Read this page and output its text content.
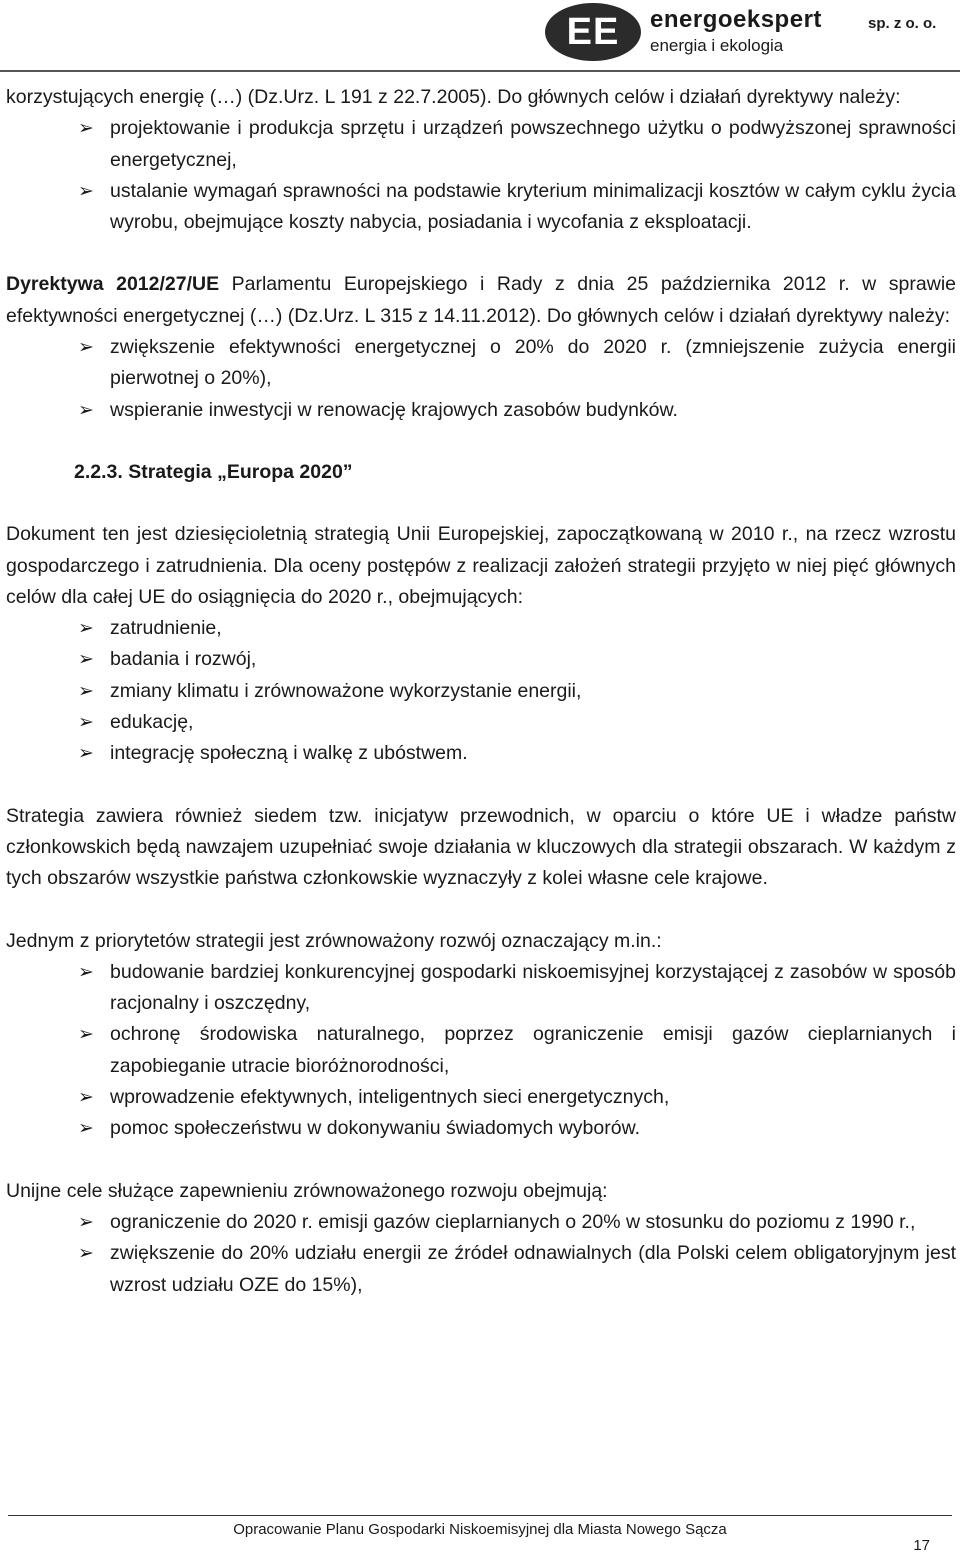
EE	energoekspert
energia i ekologia
sp. z o. o.

korzystujących energię (…) (Dz.Urz. L 191 z 22.7.2005). Do głównych celów i działań dyrektywy należy:

➢ projektowanie i produkcja sprzętu i urządzeń powszechnego użytku o podwyższonej sprawności energetycznej,
➢ ustalanie wymagań sprawności na podstawie kryterium minimalizacji kosztów w całym cyklu życia wyrobu, obejmujące koszty nabycia, posiadania i wycofania z eksploatacji.

Dyrektywa 2012/27/UE Parlamentu Europejskiego i Rady z dnia 25 października 2012 r. w sprawie efektywności energetycznej (…) (Dz.Urz. L 315 z 14.11.2012). Do głównych celów i działań dyrektywy należy:

➢ zwiększenie efektywności energetycznej o 20% do 2020 r. (zmniejszenie zużycia energii pierwotnej o 20%),
➢ wspieranie inwestycji w renowację krajowych zasobów budynków.

2.2.3. Strategia „Europa 2020”

Dokument ten jest dziesięcioletnią strategią Unii Europejskiej, zapoczątkowaną w 2010 r., na rzecz wzrostu gospodarczego i zatrudnienia. Dla oceny postępów z realizacji założeń strategii przyjęto w niej pięć głównych celów dla całej UE do osiągnięcia do 2020 r., obejmujących:

➢ zatrudnienie,
➢ badania i rozwój,
➢ zmiany klimatu i zrównoważone wykorzystanie energii,
➢ edukację,
➢ integrację społeczną i walkę z ubóstwem.

Strategia zawiera również siedem tzw. inicjatyw przewodnich, w oparciu o które UE i władze państw członkowskich będą nawzajem uzupełniać swoje działania w kluczowych dla strategii obszarach. W każdym z tych obszarów wszystkie państwa członkowskie wyznaczyły z kolei własne cele krajowe.

Jednym z priorytetów strategii jest zrównoważony rozwój oznaczający m.in.:

➢ budowanie bardziej konkurencyjnej gospodarki niskoemisyjnej korzystającej z zasobów w sposób racjonalny i oszczędny,
➢ ochronę środowiska naturalnego, poprzez ograniczenie emisji gazów cieplarnianych i zapobieganie utracie bioróżnorodności,
➢ wprowadzenie efektywnych, inteligentnych sieci energetycznych,
➢ pomoc społeczeństwu w dokonywaniu świadomych wyborów.

Unijne cele służące zapewnieniu zrównoważonego rozwoju obejmują:

➢ ograniczenie do 2020 r. emisji gazów cieplarnianych o 20% w stosunku do poziomu z 1990 r.,
➢ zwiększenie do 20% udziału energii ze źródeł odnawialnych (dla Polski celem obligatoryjnym jest wzrost udziału OZE do 15%),
Opracowanie Planu Gospodarki Niskoemisyjnej dla Miasta Nowego Sącza
17
